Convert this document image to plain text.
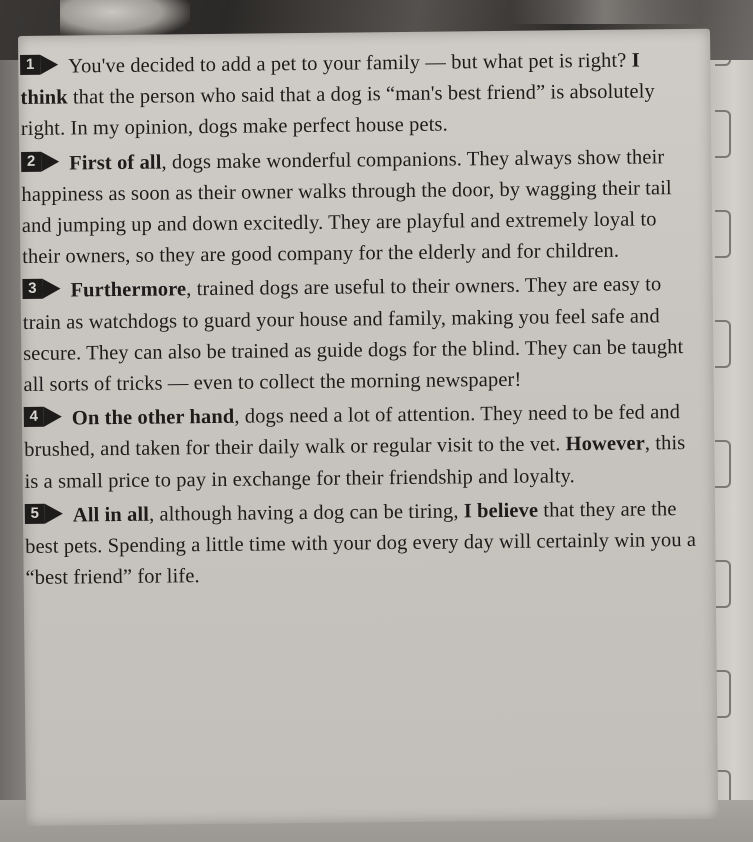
1 You've decided to add a pet to your family — but what pet is right? I think that the person who said that a dog is “man's best friend” is absolutely right. In my opinion, dogs make perfect house pets.

2 First of all, dogs make wonderful companions. They always show their happiness as soon as their owner walks through the door, by wagging their tail and jumping up and down excitedly. They are playful and extremely loyal to their owners, so they are good company for the elderly and for children.

3 Furthermore, trained dogs are useful to their owners. They are easy to train as watchdogs to guard your house and family, making you feel safe and secure. They can also be trained as guide dogs for the blind. They can be taught all sorts of tricks — even to collect the morning newspaper!

4 On the other hand, dogs need a lot of attention. They need to be fed and brushed, and taken for their daily walk or regular visit to the vet. However, this is a small price to pay in exchange for their friendship and loyalty.

5 All in all, although having a dog can be tiring, I believe that they are the best pets. Spending a little time with your dog every day will certainly win you a “best friend” for life.
